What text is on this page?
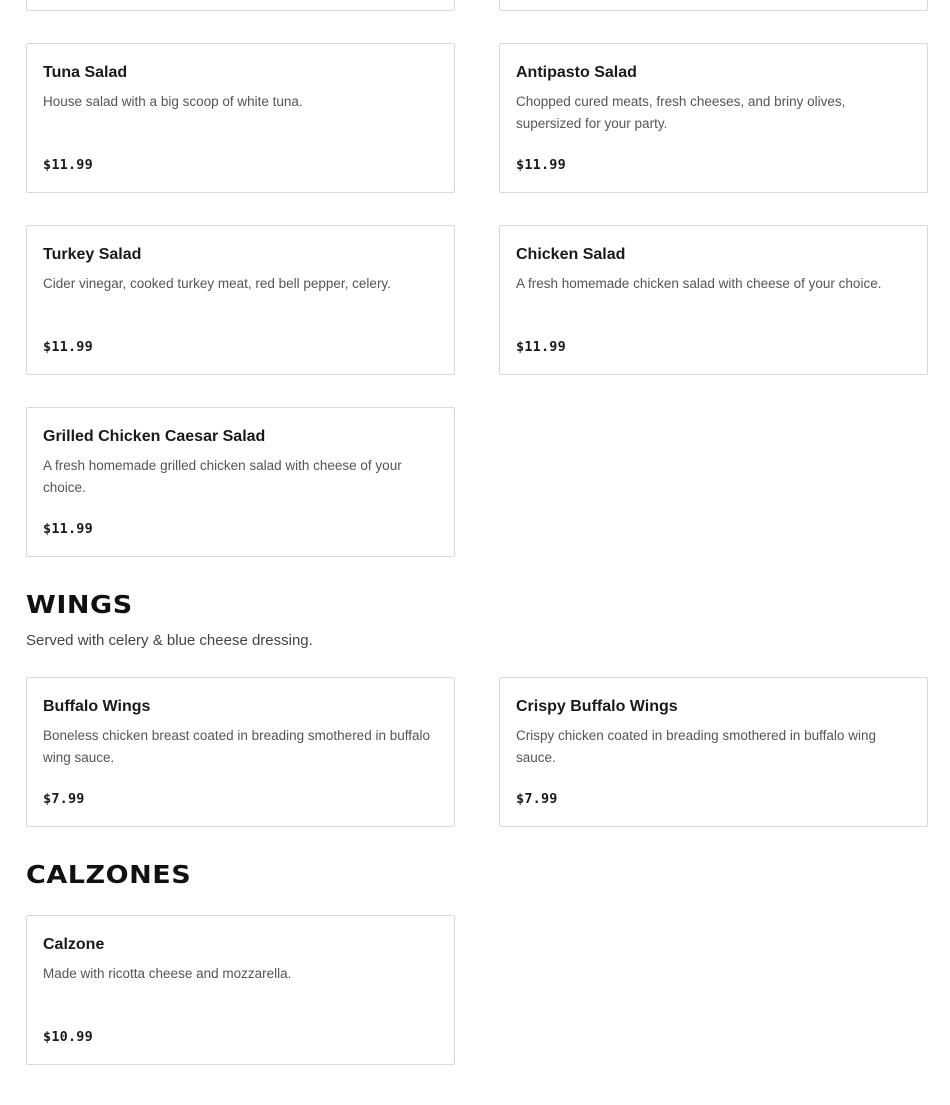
Tuna Salad
House salad with a big scoop of white tuna.
$11.99
Antipasto Salad
Chopped cured meats, fresh cheeses, and briny olives, supersized for your party.
$11.99
Turkey Salad
Cider vinegar, cooked turkey meat, red bell pepper, celery.
$11.99
Chicken Salad
A fresh homemade chicken salad with cheese of your choice.
$11.99
Grilled Chicken Caesar Salad
A fresh homemade grilled chicken salad with cheese of your choice.
$11.99
WINGS
Served with celery & blue cheese dressing.
Buffalo Wings
Boneless chicken breast coated in breading smothered in buffalo wing sauce.
$7.99
Crispy Buffalo Wings
Crispy chicken coated in breading smothered in buffalo wing sauce.
$7.99
CALZONES
Calzone
Made with ricotta cheese and mozzarella.
$10.99
